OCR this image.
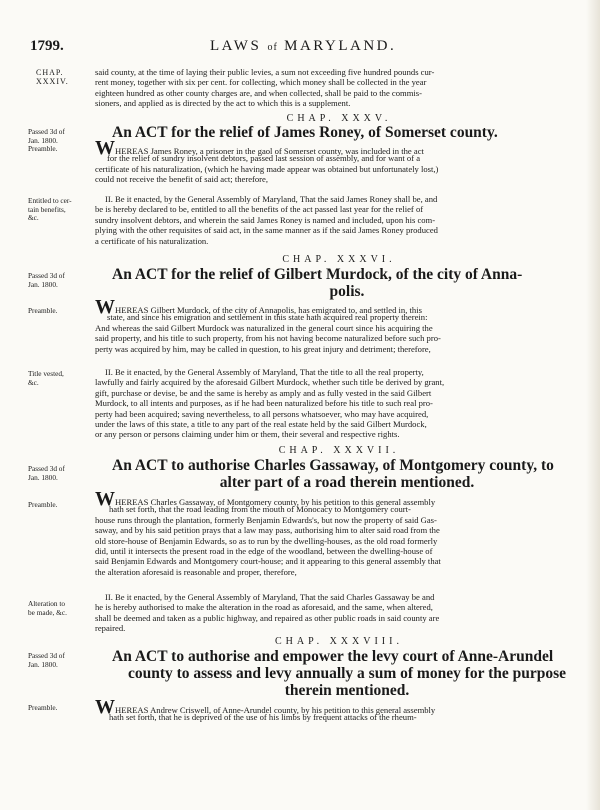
1799.	LAWS of MARYLAND.
CHAP.
XXXIV.
said county, at the time of laying their public levies, a sum not exceeding five hundred pounds cur-
rent money, together with six per cent. for collecting, which money shall be collected in the year
eighteen hundred as other county charges are, and when collected, shall be paid to the commis-
sioners, and applied as is directed by the act to which this is a supplement.
CHAP. XXXV.
Passed 3d of
Jan. 1800.
Preamble.
An ACT for the relief of James Roney, of Somerset county.
WHEREAS James Roney, a prisoner in the gaol of Somerset county, was included in the act
for the relief of sundry insolvent debtors, passed last session of assembly, and for want of a
certificate of his naturalization, (which he having made appear was obtained but unfortunately lost,)
could not receive the benefit of said act; therefore,
Entitled to cer-
tain benefits,
&c.
II. Be it enacted, by the General Assembly of Maryland, That the said James Roney shall be, and
be is hereby declared to be, entitled to all the benefits of the act passed last year for the relief of
sundry insolvent debtors, and wherein the said James Roney is named and included, upon his com-
plying with the other requisites of said act, in the same manner as if the said James Roney produced
a certificate of his naturalization.
CHAP. XXXVI.
Passed 3d of
Jan. 1800.
An ACT for the relief of Gilbert Murdock, of the city of Anna-
polis.
Preamble.	WHEREAS Gilbert Murdock, of the city of Annapolis, has emigrated to, and settled in, this
state, and since his emigration and settlement in this state hath acquired real property therein:
And whereas the said Gilbert Murdock was naturalized in the general court since his acquiring the
said property, and his title to such property, from his not having become naturalized before such pro-
perty was acquired by him, may be called in question, to his great injury and detriment; therefore,
Title vested,
&c.
II. Be it enacted, by the General Assembly of Maryland, That the title to all the real property,
lawfully and fairly acquired by the aforesaid Gilbert Murdock, whether such title be derived by grant,
gift, purchase or devise, be and the same is hereby as amply and as fully vested in the said Gilbert
Murdock, to all intents and purposes, as if he had been naturalized before his title to such real pro-
perty had been acquired; saving nevertheless, to all persons whatsoever, who may have acquired,
under the laws of this state, a title to any part of the real estate held by the said Gilbert Murdock,
or any person or persons claiming under him or them, their several and respective rights.
CHAP. XXXVII.
Passed 3d of
Jan. 1800.
An ACT to authorise Charles Gassaway, of Montgomery county, to
alter part of a road therein mentioned.
Preamble.	WHEREAS Charles Gassaway, of Montgomery county, by his petition to this general assembly
hath set forth, that the road leading from the mouth of Monocacy to Montgomery court-
house runs through the plantation, formerly Benjamin Edwards's, but now the property of said Gas-
saway, and by his said petition prays that a law may pass, authorising him to alter said road from the
old store-house of Benjamin Edwards, so as to run by the dwelling-houses, as the old road formerly
did, until it intersects the present road in the edge of the woodland, between the dwelling-house of
said Benjamin Edwards and Montgomery court-house; and it appearing to this general assembly that
the alteration aforesaid is reasonable and proper, therefore,
Alteration to
be made, &c.
II. Be it enacted, by the General Assembly of Maryland, That the said Charles Gassaway be and
he is hereby authorised to make the alteration in the road as aforesaid, and the same, when altered,
shall be deemed and taken as a public highway, and repaired as other public roads in said county are
repaired.
CHAP. XXXVIII.
Passed 3d of
Jan. 1800.	An ACT to authorise and empower the levy court of Anne-Arundel
county to assess and levy annually a sum of money for the purpose
therein mentioned.
Preamble.	WHEREAS Andrew Criswell, of Anne-Arundel county, by his petition to this general assembly
hath set forth, that he is deprived of the use of his limbs by frequent attacks of the rheum-
